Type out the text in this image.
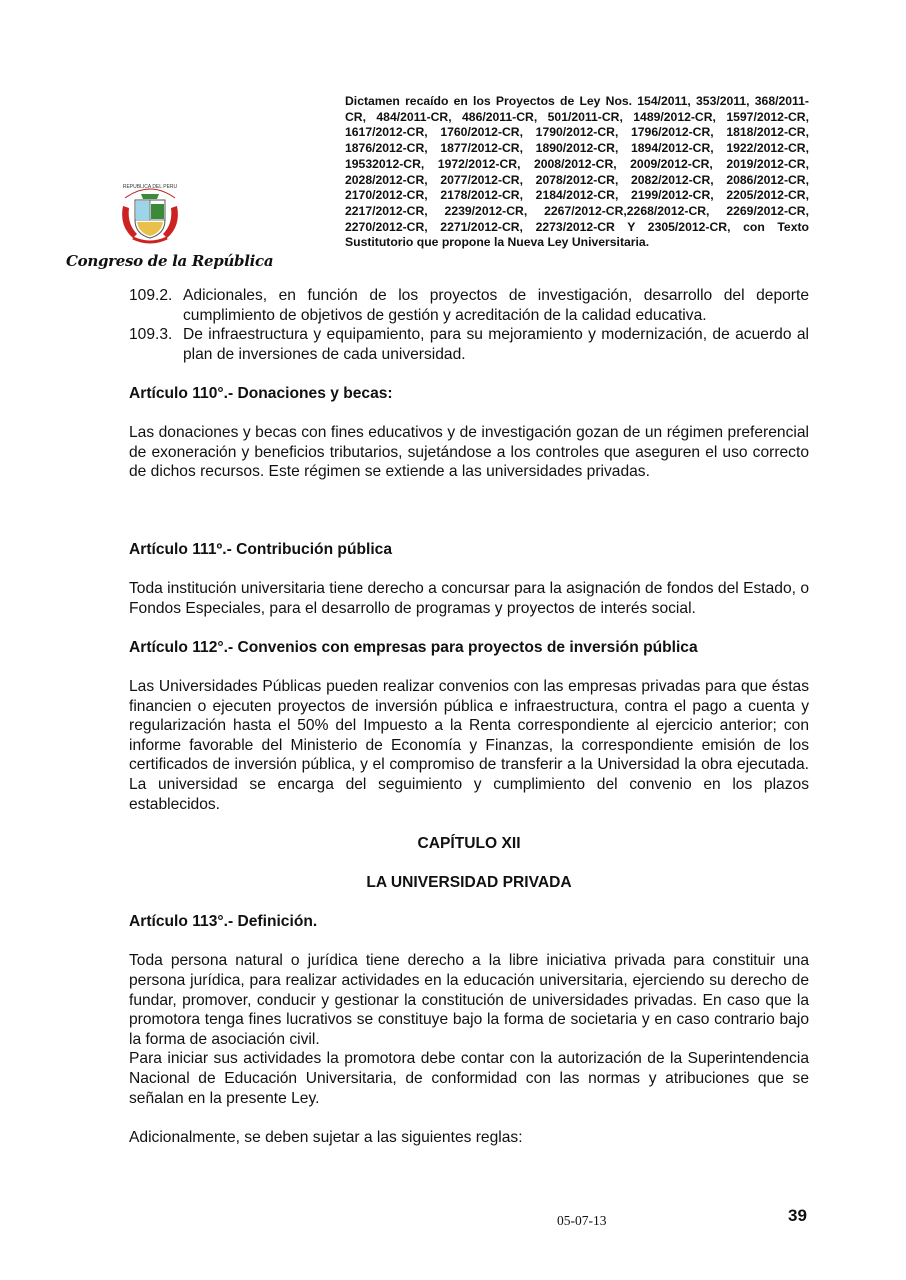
REPUBLICA DEL PERU
Congreso de la República
Dictamen recaído en los Proyectos de Ley Nos. 154/2011, 353/2011, 368/2011-CR, 484/2011-CR, 486/2011-CR, 501/2011-CR, 1489/2012-CR, 1597/2012-CR, 1617/2012-CR, 1760/2012-CR, 1790/2012-CR, 1796/2012-CR, 1818/2012-CR, 1876/2012-CR, 1877/2012-CR, 1890/2012-CR, 1894/2012-CR, 1922/2012-CR, 19532012-CR, 1972/2012-CR, 2008/2012-CR, 2009/2012-CR, 2019/2012-CR, 2028/2012-CR, 2077/2012-CR, 2078/2012-CR, 2082/2012-CR, 2086/2012-CR, 2170/2012-CR, 2178/2012-CR, 2184/2012-CR, 2199/2012-CR, 2205/2012-CR, 2217/2012-CR, 2239/2012-CR, 2267/2012-CR,2268/2012-CR, 2269/2012-CR, 2270/2012-CR, 2271/2012-CR, 2273/2012-CR Y 2305/2012-CR, con Texto Sustitutorio que propone la Nueva Ley Universitaria.
109.2. Adicionales, en función de los proyectos de investigación, desarrollo del deporte cumplimiento de objetivos de gestión y acreditación de la calidad educativa.
109.3. De infraestructura y equipamiento, para su mejoramiento y modernización, de acuerdo al plan de inversiones de cada universidad.

Artículo 110°.- Donaciones y becas:

Las donaciones y becas con fines educativos y de investigación gozan de un régimen preferencial de exoneración y beneficios tributarios, sujetándose a los controles que aseguren el uso correcto de dichos recursos. Este régimen se extiende a las universidades privadas.

Artículo 111º.- Contribución pública

Toda institución universitaria tiene derecho a concursar para la asignación de fondos del Estado, o Fondos Especiales, para el desarrollo de programas y proyectos de interés social.

Artículo 112°.- Convenios con empresas para proyectos de inversión pública

Las Universidades Públicas pueden realizar convenios con las empresas privadas para que éstas financien o ejecuten proyectos de inversión pública e infraestructura, contra el pago a cuenta y regularización hasta el 50% del Impuesto a la Renta correspondiente al ejercicio anterior; con informe favorable del Ministerio de Economía y Finanzas, la correspondiente emisión de los certificados de inversión pública, y el compromiso de transferir a la Universidad la obra ejecutada. La universidad se encarga del seguimiento y cumplimiento del convenio en los plazos establecidos.

CAPÍTULO XII

LA UNIVERSIDAD PRIVADA

Artículo 113°.- Definición.

Toda persona natural o jurídica tiene derecho a la libre iniciativa privada para constituir una persona jurídica, para realizar actividades en la educación universitaria, ejerciendo su derecho de fundar, promover, conducir y gestionar la constitución de universidades privadas. En caso que la promotora tenga fines lucrativos se constituye bajo la forma de societaria y en caso contrario bajo la forma de asociación civil.

Para iniciar sus actividades la promotora debe contar con la autorización de la Superintendencia Nacional de Educación Universitaria, de conformidad con las normas y atribuciones que se señalan en la presente Ley.

Adicionalmente, se deben sujetar a las siguientes reglas:

05-07-13	39
